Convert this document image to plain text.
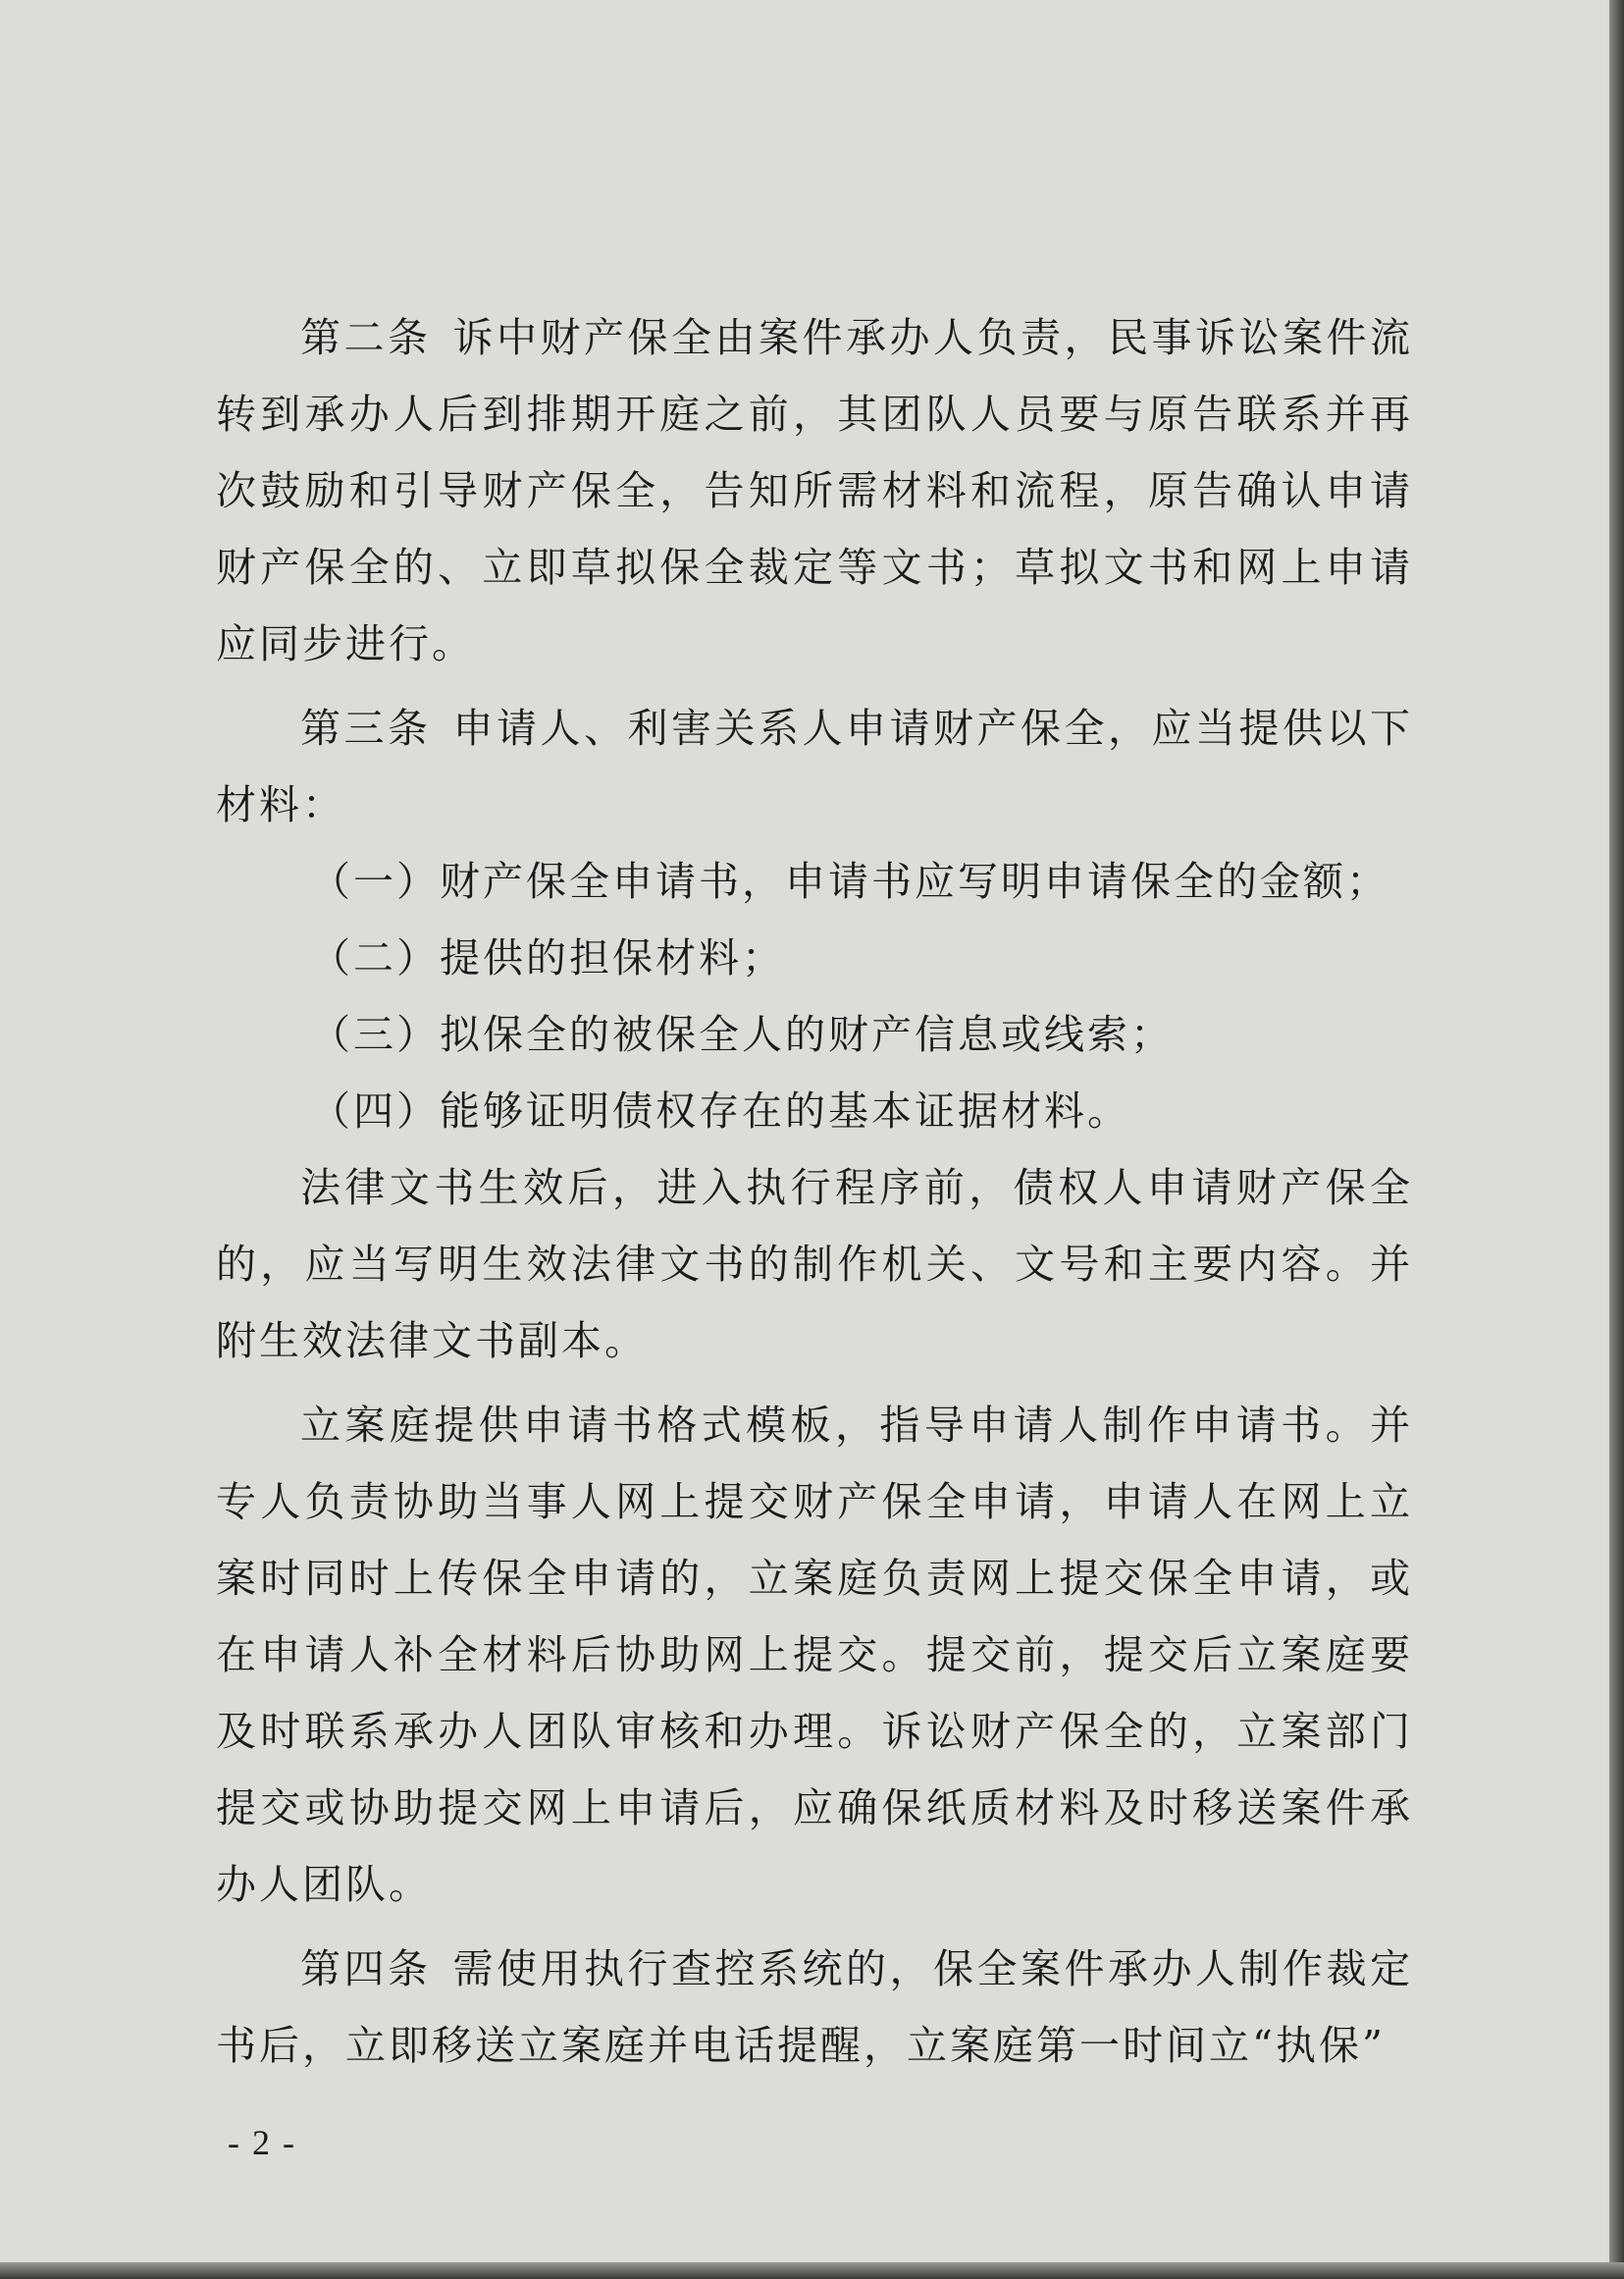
第二条 诉中财产保全由案件承办人负责，民事诉讼案件流转到承办人后到排期开庭之前，其团队人员要与原告联系并再次鼓励和引导财产保全，告知所需材料和流程，原告确认申请财产保全的、立即草拟保全裁定等文书；草拟文书和网上申请应同步进行。

第三条 申请人、利害关系人申请财产保全，应当提供以下材料：

（一）财产保全申请书，申请书应写明申请保全的金额；

（二）提供的担保材料；

（三）拟保全的被保全人的财产信息或线索；

（四）能够证明债权存在的基本证据材料。

法律文书生效后，进入执行程序前，债权人申请财产保全的，应当写明生效法律文书的制作机关、文号和主要内容。并附生效法律文书副本。

立案庭提供申请书格式模板，指导申请人制作申请书。并专人负责协助当事人网上提交财产保全申请，申请人在网上立案时同时上传保全申请的，立案庭负责网上提交保全申请，或在申请人补全材料后协助网上提交。提交前，提交后立案庭要及时联系承办人团队审核和办理。诉讼财产保全的，立案部门提交或协助提交网上申请后，应确保纸质材料及时移送案件承办人团队。

第四条 需使用执行查控系统的，保全案件承办人制作裁定书后，立即移送立案庭并电话提醒，立案庭第一时间立“执保”

- 2 -
